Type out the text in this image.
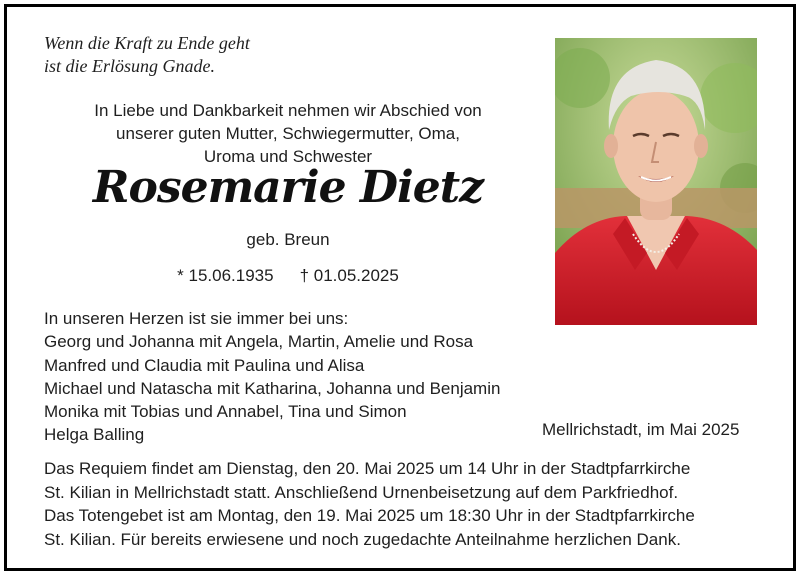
Wenn die Kraft zu Ende geht
ist die Erlösung Gnade.
In Liebe und Dankbarkeit nehmen wir Abschied von
unserer guten Mutter, Schwiegermutter, Oma,
Uroma und Schwester
Rosemarie Dietz
geb. Breun
* 15.06.1935 † 01.05.2025
In unseren Herzen ist sie immer bei uns:
Georg und Johanna mit Angela, Martin, Amelie und Rosa
Manfred und Claudia mit Paulina und Alisa
Michael und Natascha mit Katharina, Johanna und Benjamin
Monika mit Tobias und Annabel, Tina und Simon
Helga Balling	Mellrichstadt, im Mai 2025
Das Requiem findet am Dienstag, den 20. Mai 2025 um 14 Uhr in der Stadtpfarrkirche
St. Kilian in Mellrichstadt statt. Anschließend Urnenbeisetzung auf dem Parkfriedhof.
Das Totengebet ist am Montag, den 19. Mai 2025 um 18:30 Uhr in der Stadtpfarrkirche
St. Kilian. Für bereits erwiesene und noch zugedachte Anteilnahme herzlichen Dank.
